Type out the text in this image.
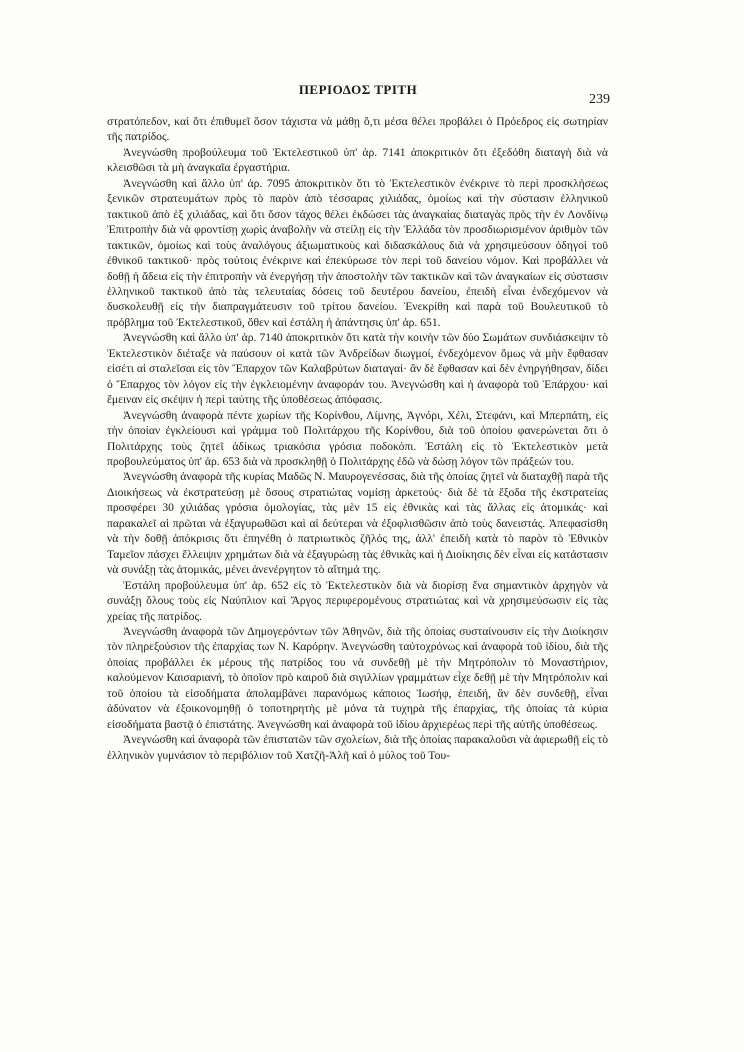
ΠΕΡΙΟΔΟΣ ΤΡΙΤΗ
239

στρατόπεδον, καὶ ὅτι ἐπιθυμεῖ ὅσον τάχιστα νὰ μάθῃ ὅ,τι μέσα θέλει προβάλει ὁ Πρόεδρος εἰς σωτηρίαν τῆς πατρίδος.

Ἀνεγνώσθη προβούλευμα τοῦ Ἐκτελεστικοῦ ὑπ' ἀρ. 7141 ἀποκριτικὸν ὅτι ἐξεδόθη διαταγὴ διὰ νὰ κλεισθῶσι τὰ μὴ ἀναγκαῖα ἐργαστήρια.

Ἀνεγνώσθη καὶ ἄλλο ὑπ' ἀρ. 7095 ἀποκριτικὸν ὅτι τὸ Ἐκτελεστικὸν ἐνέκρινε τὸ περὶ προσκλήσεως ξενικῶν στρατευμάτων πρὸς τὸ παρὸν ἀπὸ τέσσαρας χιλιάδας, ὁμοίως καὶ τὴν σύστασιν ἑλληνικοῦ τακτικοῦ ἀπὸ ἑξ χιλιάδας, καὶ ὅτι ὅσον τάχος θέλει ἐκδώσει τὰς ἀναγκαίας διαταγὰς πρὸς τὴν ἐν Λονδίνῳ Ἐπιτροπὴν διὰ νὰ φροντίσῃ χωρὶς ἀναβολὴν νὰ στείλῃ εἰς τὴν Ἑλλάδα τὸν προσδιωρισμένον ἀριθμὸν τῶν τακτικῶν, ὁμοίως καὶ τοὺς ἀναλόγους ἀξιωματικοὺς καὶ διδασκάλους διὰ νὰ χρησιμεύσουν ὁδηγοὶ τοῦ ἐθνικοῦ τακτικοῦ· πρὸς τούτοις ἐνέκρινε καὶ ἐπεκύρωσε τὸν περὶ τοῦ δανείου νόμον. Καὶ προβάλλει νὰ δοθῇ ἡ ἄδεια εἰς τὴν ἐπιτροπὴν νὰ ἐνεργήσῃ τὴν ἀποστολὴν τῶν τακτικῶν καὶ τῶν ἀναγκαίων εἰς σύστασιν ἑλληνικοῦ τακτικοῦ ἀπὸ τὰς τελευταίας δόσεις τοῦ δευτέρου δανείου, ἐπειδὴ εἶναι ἐνδεχόμενον νὰ δυσκολευθῇ εἰς τὴν διαπραγμάτευσιν τοῦ τρίτου δανείου. Ἐνεκρίθη καὶ παρὰ τοῦ Βουλευτικοῦ τὸ πρόβλημα τοῦ Ἐκτελεστικοῦ, ὅθεν καὶ ἐστάλη ἡ ἀπάντησις ὑπ' ἀρ. 651.

Ἀνεγνώσθη καὶ ἄλλο ὑπ' ἀρ. 7140 ἀποκριτικὸν ὅτι κατὰ τὴν κοινὴν τῶν δύο Σωμάτων συνδιάσκεψιν τὸ Ἐκτελεστικὸν διέταξε νὰ παύσουν οἱ κατὰ τῶν Ἀνδρείδων διωγμοί, ἐνδεχόμενον ὅμως νὰ μὴν ἔφθασαν εἰσέτι αἱ σταλεῖσαι εἰς τὸν Ἔπαρχον τῶν Καλαβρύτων διαταγαί· ἂν δὲ ἔφθασαν καὶ δὲν ἐνηργήθησαν, δίδει ὁ Ἔπαρχος τὸν λόγον εἰς τὴν ἐγκλειομένην ἀναφοράν του. Ἀνεγνώσθη καὶ ἡ ἀναφορὰ τοῦ Ἐπάρχου· καὶ ἔμειναν εἰς σκέψιν ἡ περὶ ταύτης τῆς ὑποθέσεως ἀπόφασις.

Ἀνεγνώσθη ἀναφορὰ πέντε χωρίων τῆς Κορίνθου, Λίμνης, Ἀγνόρι, Χέλι, Στεφάνι, καὶ Μπερπάτη, εἰς τὴν ὁποίαν ἐγκλείουσι καὶ γράμμα τοῦ Πολιτάρχου τῆς Κορίνθου, διὰ τοῦ ὁποίου φανερώνεται ὅτι ὁ Πολιτάρχης τοὺς ζητεῖ ἀδίκως τριακόσια γρόσια ποδοκόπι. Ἐστάλη εἰς τὸ Ἐκτελεστικὸν μετὰ προβουλεύματος ὑπ' ἀρ. 653 διὰ νὰ προσκληθῇ ὁ Πολιτάρχης ἐδῶ νὰ δώσῃ λόγον τῶν πράξεών του.

Ἀνεγνώσθη ἀναφορὰ τῆς κυρίας Μαδῶς Ν. Μαυρογενέσσας, διὰ τῆς ὁποίας ζητεῖ νὰ διαταχθῇ παρὰ τῆς Διοικήσεως νὰ ἐκστρατεύσῃ μὲ ὅσους στρατιώτας νομίσῃ ἀρκετούς· διὰ δὲ τὰ ἔξοδα τῆς ἐκστρατείας προσφέρει 30 χιλιάδας γρόσια ὁμολογίας, τὰς μὲν 15 εἰς ἐθνικὰς καὶ τὰς ἄλλας εἰς ἀτομικάς· καὶ παρακαλεῖ αἱ πρῶται νὰ ἐξαγυρωθῶσι καὶ αἱ δεύτεραι νὰ ἐξοφλισθῶσιν ἀπὸ τοὺς δανειστάς. Ἀπεφασίσθη νὰ τὴν δοθῇ ἀπόκρισις ὅτι ἐπηνέθη ὁ πατριωτικὸς ζῆλός της, ἀλλ' ἐπειδὴ κατὰ τὸ παρὸν τὸ Ἐθνικὸν Ταμεῖον πάσχει ἔλλειψιν χρημάτων διὰ νὰ ἐξαγυρώσῃ τὰς ἐθνικὰς καὶ ἡ Διοίκησις δὲν εἶναι εἰς κατάστασιν νὰ συνάξῃ τὰς ἀτομικάς, μένει ἀνενέργητον τὸ αἴτημά της.

Ἐστάλη προβούλευμα ὑπ' ἀρ. 652 εἰς τὸ Ἐκτελεστικὸν διὰ νὰ διορίσῃ ἕνα σημαντικὸν ἀρχηγὸν νὰ συνάξῃ ὅλους τοὺς εἰς Ναύπλιον καὶ Ἄργος περιφερομένους στρατιώτας καὶ νὰ χρησιμεύσωσιν εἰς τὰς χρείας τῆς πατρίδος.

Ἀνεγνώσθη ἀναφορὰ τῶν Δημογερόντων τῶν Ἀθηνῶν, διὰ τῆς ὁποίας συσταίνουσιν εἰς τὴν Διοίκησιν τὸν πληρεξούσιον τῆς ἐπαρχίας των Ν. Καρόρην. Ἀνεγνώσθη ταὐτοχρόνως καὶ ἀναφορὰ τοῦ ἰδίου, διὰ τῆς ὁποίας προβάλλει ἐκ μέρους τῆς πατρίδος του νὰ συνδεθῇ μὲ τὴν Μητρόπολιν τὸ Μοναστήριον, καλούμενον Καισαριανή, τὸ ὁποῖον πρὸ καιροῦ διὰ σιγιλλίων γραμμάτων εἶχε δεθῇ μὲ τὴν Μητρόπολιν καὶ τοῦ ὁποίου τὰ εἰσοδήματα ἀπολαμβάνει παρανόμως κάποιος Ἰωσήφ, ἐπειδή, ἂν δὲν συνδεθῇ, εἶναι ἀδύνατον νὰ ἐξοικονομηθῇ ὁ τοποτηρητὴς μὲ μόνα τὰ τυχηρὰ τῆς ἐπαρχίας, τῆς ὁποίας τὰ κύρια εἰσοδήματα βαστᾷ ὁ ἐπιστάτης. Ἀνεγνώσθη καὶ ἀναφορὰ τοῦ ἰδίου ἀρχιερέως περὶ τῆς αὐτῆς ὑποθέσεως.

Ἀνεγνώσθη καὶ ἀναφορὰ τῶν ἐπιστατῶν τῶν σχολείων, διὰ τῆς ὁποίας παρακαλοῦσι νὰ ἀφιερωθῇ εἰς τὸ ἑλληνικὸν γυμνάσιον τὸ περιβόλιον τοῦ Χατζῆ-Ἀλῆ καὶ ὁ μύλος τοῦ Του-
